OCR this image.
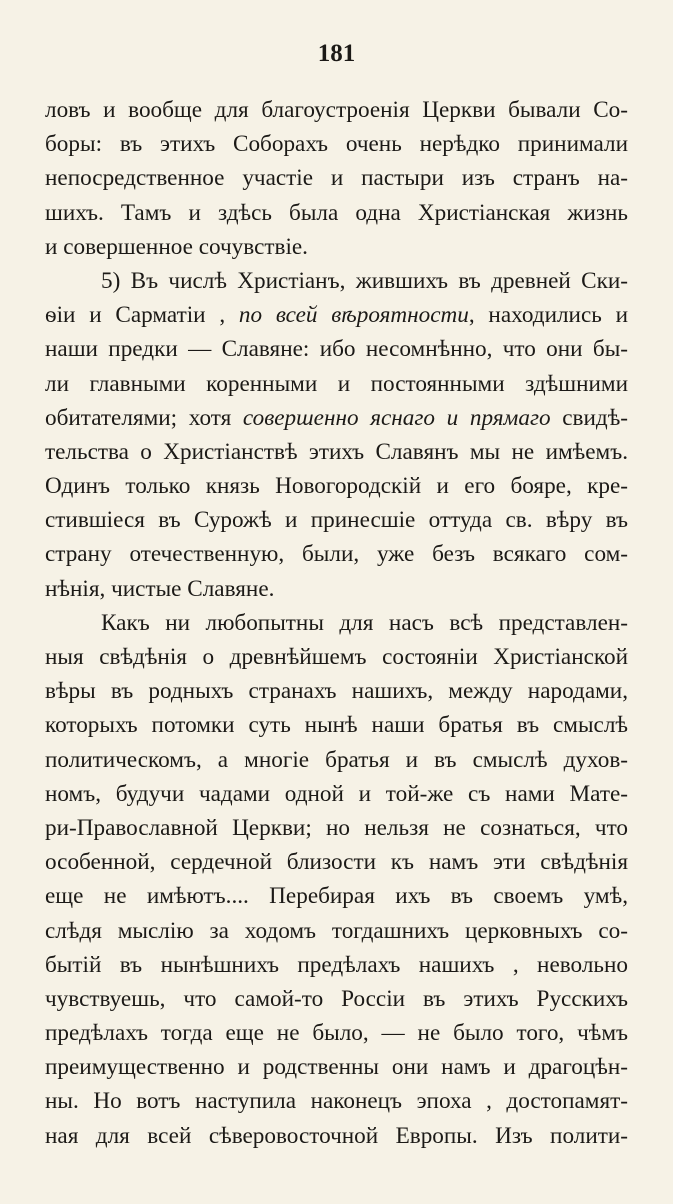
181
ловъ и вообще для благоустроенія Церкви бывали Со-
боры: въ этихъ Соборахъ очень нерѣдко принимали
непосредственное участіе и пастыри изъ странъ на-
шихъ. Тамъ и здѣсь была одна Христіанская жизнь
и совершенное сочувствіе.
5) Въ числѣ Христіанъ, жившихъ въ древней Ски-
ѳіи и Сарматіи , по всей вѣроятности, находились и
наши предки — Славяне: ибо несомнѣнно, что они бы-
ли главными коренными и постоянными здѣшними
обитателями; хотя совершенно яснаго и прямаго свидѣ-
тельства о Христіанствѣ этихъ Славянъ мы не имѣемъ.
Одинъ только князь Новогородскій и его бояре, кре-
стившіеся въ Сурожѣ и принесшіе оттуда св. вѣру въ
страну отечественную, были, уже безъ всякаго сом-
нѣнія, чистые Славяне.
Какъ ни любопытны для насъ всѣ представлен-
ныя свѣдѣнія о древнѣйшемъ состояніи Христіанской
вѣры въ родныхъ странахъ нашихъ, между народами,
которыхъ потомки суть нынѣ наши братья въ смыслѣ
политическомъ, а многіе братья и въ смыслѣ духов-
номъ, будучи чадами одной и той-же съ нами Мате-
ри-Православной Церкви; но нельзя не сознаться, что
особенной, сердечной близости къ намъ эти свѣдѣнія
еще не имѣютъ.... Перебирая ихъ въ своемъ умѣ,
слѣдя мыслію за ходомъ тогдашнихъ церковныхъ со-
бытій въ нынѣшнихъ предѣлахъ нашихъ , невольно
чувствуешь, что самой-то Россіи въ этихъ Русскихъ
предѣлахъ тогда еще не было, — не было того, чѣмъ
преимущественно и родственны они намъ и драгоцѣн-
ны. Но вотъ наступила наконецъ эпоха , достопамят-
ная для всей сѣверовосточной Европы. Изъ полити-
